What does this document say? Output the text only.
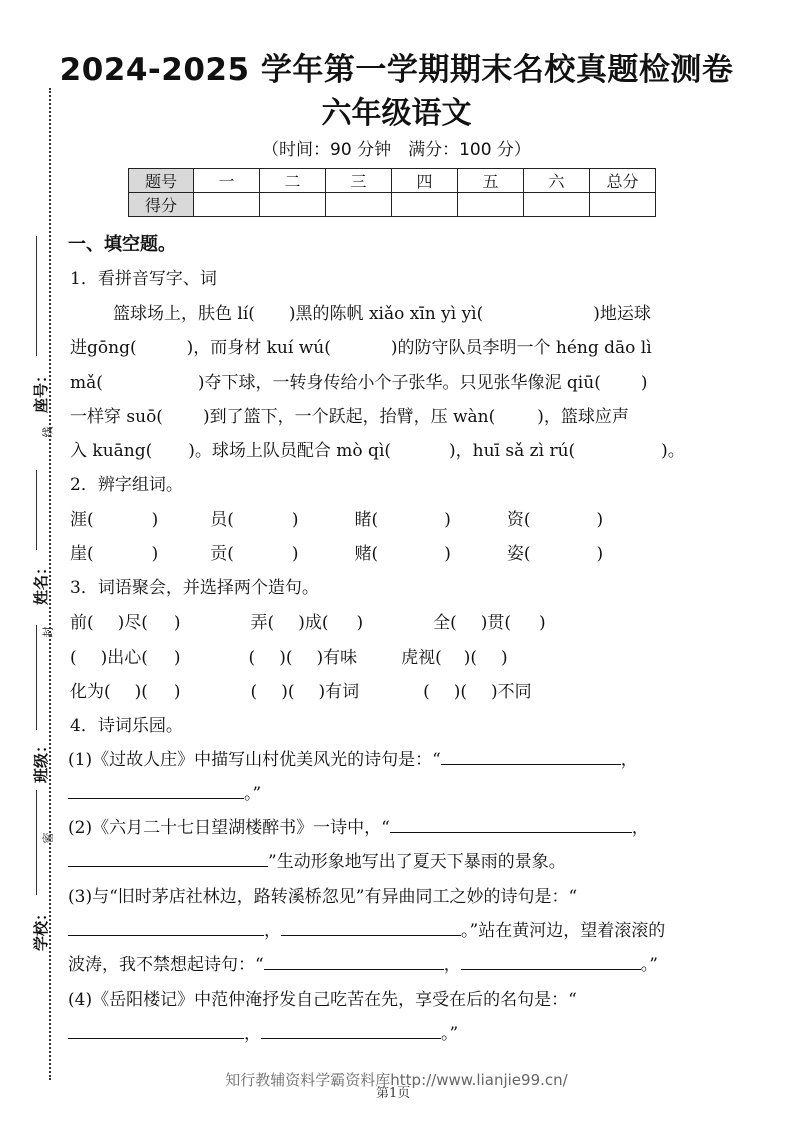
座号：
姓名：
班级：
学校：
线
封
密
2024-2025 学年第一学期期末名校真题检测卷
六年级语文
（时间：90 分钟　满分：100 分）
题号	一	二	三	四	五	六	总分
得分							
一、填空题。
1．看拼音写字、词
篮球场上，肤色 lí( )黑的陈帆 xiǎo xīn yì yì(	)地运球
进gōng(	)，而身材 kuí wú(	)的防守队员李明一个 héng dāo lì
mǎ(	)夺下球，一转身传给小个子张华。只见张华像泥 qiū( )
一样穿 suō( )到了篮下，一个跃起，抬臂，压 wàn( )，篮球应声
入 kuāng( )。球场上队员配合 mò qì(	)，huī sǎ zì rú(	)。
2．辨字组词。
涯(	)	员(	)	睹(	)	资(	)
崖(	)	贡(	)	赌(	)	姿(	)
3．词语聚会，并选择两个造句。
前( )尽( )	弄( )成( )	全( )贯( )
( )出心( )	( )( )有味	虎视( )( )
化为( )( )	( )( )有词	( )( )不同
4．诗词乐园。
(1)《过故人庄》中描写山村优美风光的诗句是：“	，
。”
(2)《六月二十七日望湖楼醉书》一诗中，“	，
”生动形象地写出了夏天下暴雨的景象。
(3)与“旧时茅店社林边，路转溪桥忽见”有异曲同工之妙的诗句是：“
，	。”站在黄河边，望着滚滚的
波涛，我不禁想起诗句：“	，	。”
(4)《岳阳楼记》中范仲淹抒发自己吃苦在先，享受在后的名句是：“
，	。”
知行教辅资料学霸资料库http://www.lianjie99.cn/
第1页
